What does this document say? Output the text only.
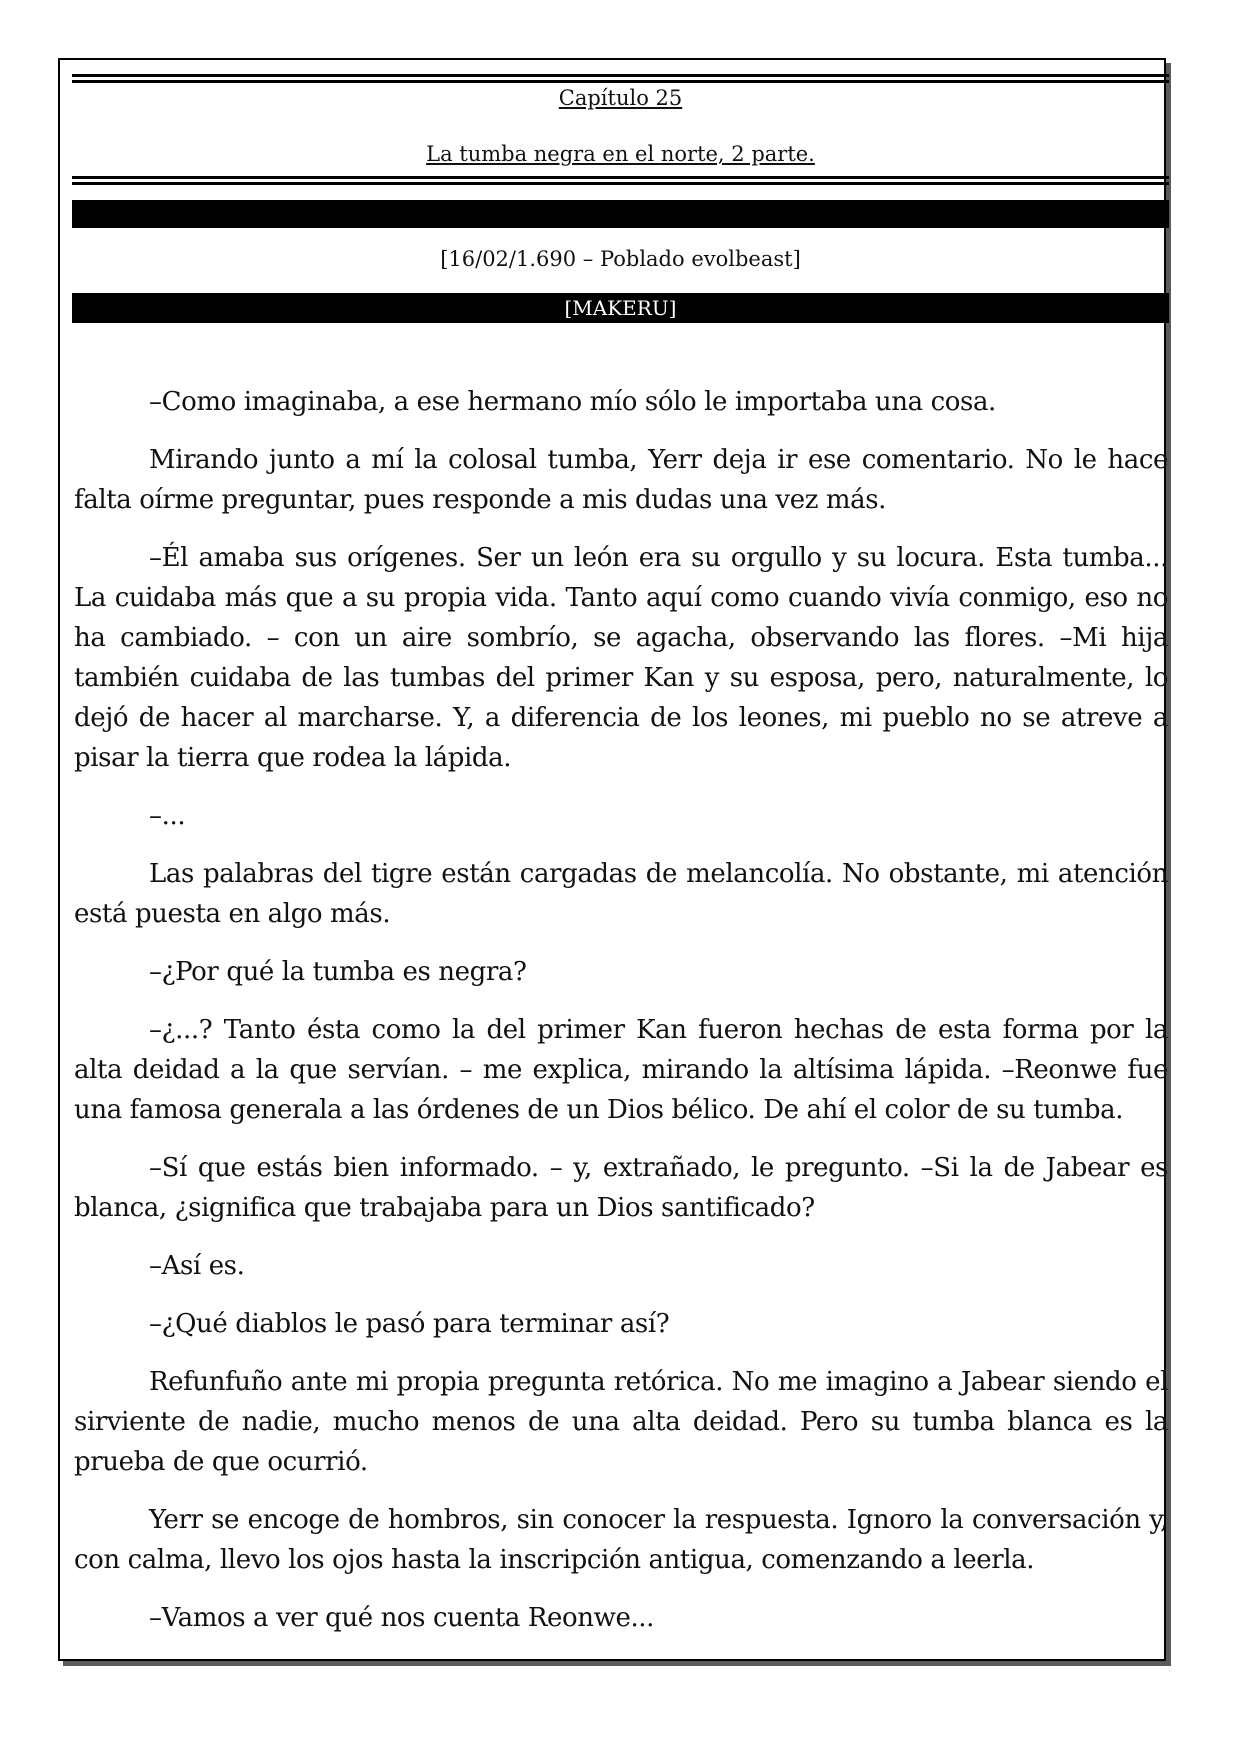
Capítulo 25
La tumba negra en el norte, 2 parte.
[16/02/1.690 – Poblado evolbeast]
[MAKERU]

–Como imaginaba, a ese hermano mío sólo le importaba una cosa.

Mirando junto a mí la colosal tumba, Yerr deja ir ese comentario. No le hace falta oírme preguntar, pues responde a mis dudas una vez más.

–Él amaba sus orígenes. Ser un león era su orgullo y su locura. Esta tumba... La cuidaba más que a su propia vida. Tanto aquí como cuando vivía conmigo, eso no ha cambiado. – con un aire sombrío, se agacha, observando las flores. –Mi hija también cuidaba de las tumbas del primer Kan y su esposa, pero, naturalmente, lo dejó de hacer al marcharse. Y, a diferencia de los leones, mi pueblo no se atreve a pisar la tierra que rodea la lápida.

–...

Las palabras del tigre están cargadas de melancolía. No obstante, mi atención está puesta en algo más.

–¿Por qué la tumba es negra?

–¿...? Tanto ésta como la del primer Kan fueron hechas de esta forma por la alta deidad a la que servían. – me explica, mirando la altísima lápida. –Reonwe fue una famosa generala a las órdenes de un Dios bélico. De ahí el color de su tumba.

–Sí que estás bien informado. – y, extrañado, le pregunto. –Si la de Jabear es blanca, ¿significa que trabajaba para un Dios santificado?

–Así es.

–¿Qué diablos le pasó para terminar así?

Refunfuño ante mi propia pregunta retórica. No me imagino a Jabear siendo el sirviente de nadie, mucho menos de una alta deidad. Pero su tumba blanca es la prueba de que ocurrió.

Yerr se encoge de hombros, sin conocer la respuesta. Ignoro la conversación y, con calma, llevo los ojos hasta la inscripción antigua, comenzando a leerla.

–Vamos a ver qué nos cuenta Reonwe...
